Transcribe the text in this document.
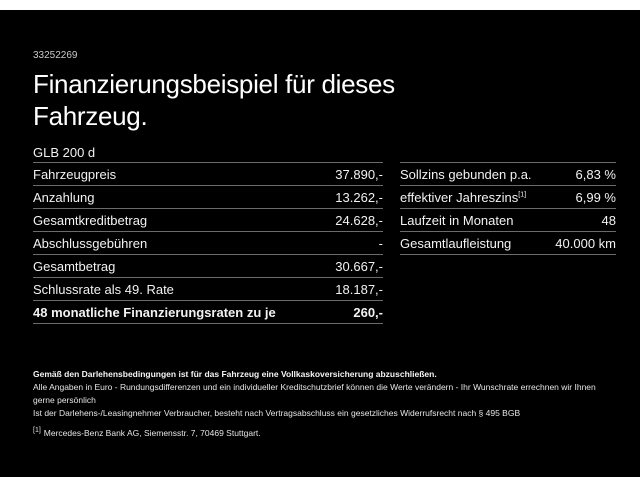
33252269
Finanzierungsbeispiel für dieses
Fahrzeug.
GLB 200 d
Fahrzeugpreis	37.890,-
Anzahlung	13.262,-
Gesamtkreditbetrag	24.628,-
Abschlussgebühren	-
Gesamtbetrag	30.667,-
Schlussrate als 49. Rate	18.187,-
48 monatliche Finanzierungsraten zu je	260,-
Sollzins gebunden p.a.	6,83 %
effektiver Jahreszins[1]	6,99 %
Laufzeit in Monaten	48
Gesamtlaufleistung	40.000 km
Gemäß den Darlehensbedingungen ist für das Fahrzeug eine Vollkaskoversicherung abzuschließen.
Alle Angaben in Euro - Rundungsdifferenzen und ein individueller Kreditschutzbrief können die Werte verändern - Ihr Wunschrate errechnen wir Ihnen gerne persönlich
Ist der Darlehens-/Leasingnehmer Verbraucher, besteht nach Vertragsabschluss ein gesetzliches Widerrufsrecht nach § 495 BGB
[1] Mercedes-Benz Bank AG, Siemensstr. 7, 70469 Stuttgart.
